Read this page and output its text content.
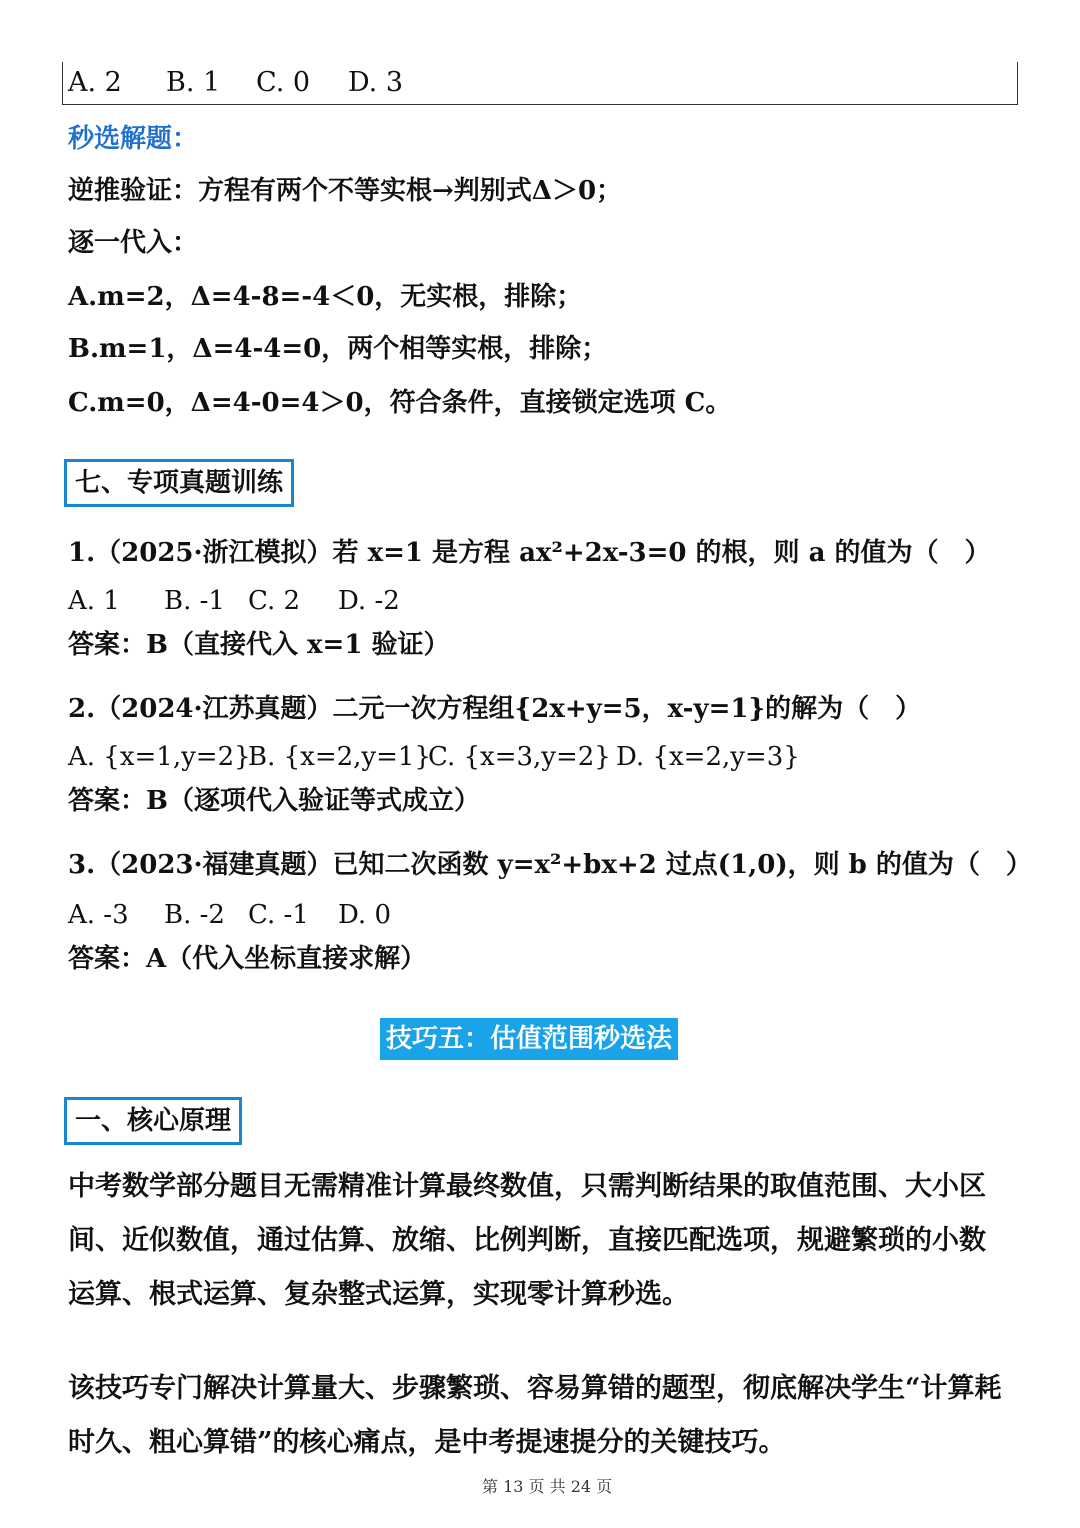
A. 2 B. 1 C. 0 D. 3
秒选解题：
逆推验证：方程有两个不等实根→判别式Δ＞0；
逐一代入：
A.m=2，Δ=4-8=-4＜0，无实根，排除；
B.m=1，Δ=4-4=0，两个相等实根，排除；
C.m=0，Δ=4-0=4＞0，符合条件，直接锁定选项 C。
七、专项真题训练
1.（2025·浙江模拟）若 x=1 是方程 ax²+2x-3=0 的根，则 a 的值为（　）
A. 1 B. -1 C. 2 D. -2
答案：B（直接代入 x=1 验证）
2.（2024·江苏真题）二元一次方程组{2x+y=5，x-y=1}的解为（　）
A. {x=1,y=2}B. {x=2,y=1}C. {x=3,y=2} D. {x=2,y=3}
答案：B（逐项代入验证等式成立）
3.（2023·福建真题）已知二次函数 y=x²+bx+2 过点(1,0)，则 b 的值为（　）
A. -3 B. -2 C. -1 D. 0
答案：A（代入坐标直接求解）
技巧五：估值范围秒选法
一、核心原理
中考数学部分题目无需精准计算最终数值，只需判断结果的取值范围、大小区间、近似数值，通过估算、放缩、比例判断，直接匹配选项，规避繁琐的小数运算、根式运算、复杂整式运算，实现零计算秒选。
该技巧专门解决计算量大、步骤繁琐、容易算错的题型，彻底解决学生“计算耗时久、粗心算错”的核心痛点，是中考提速提分的关键技巧。
第 13 页 共 24 页
